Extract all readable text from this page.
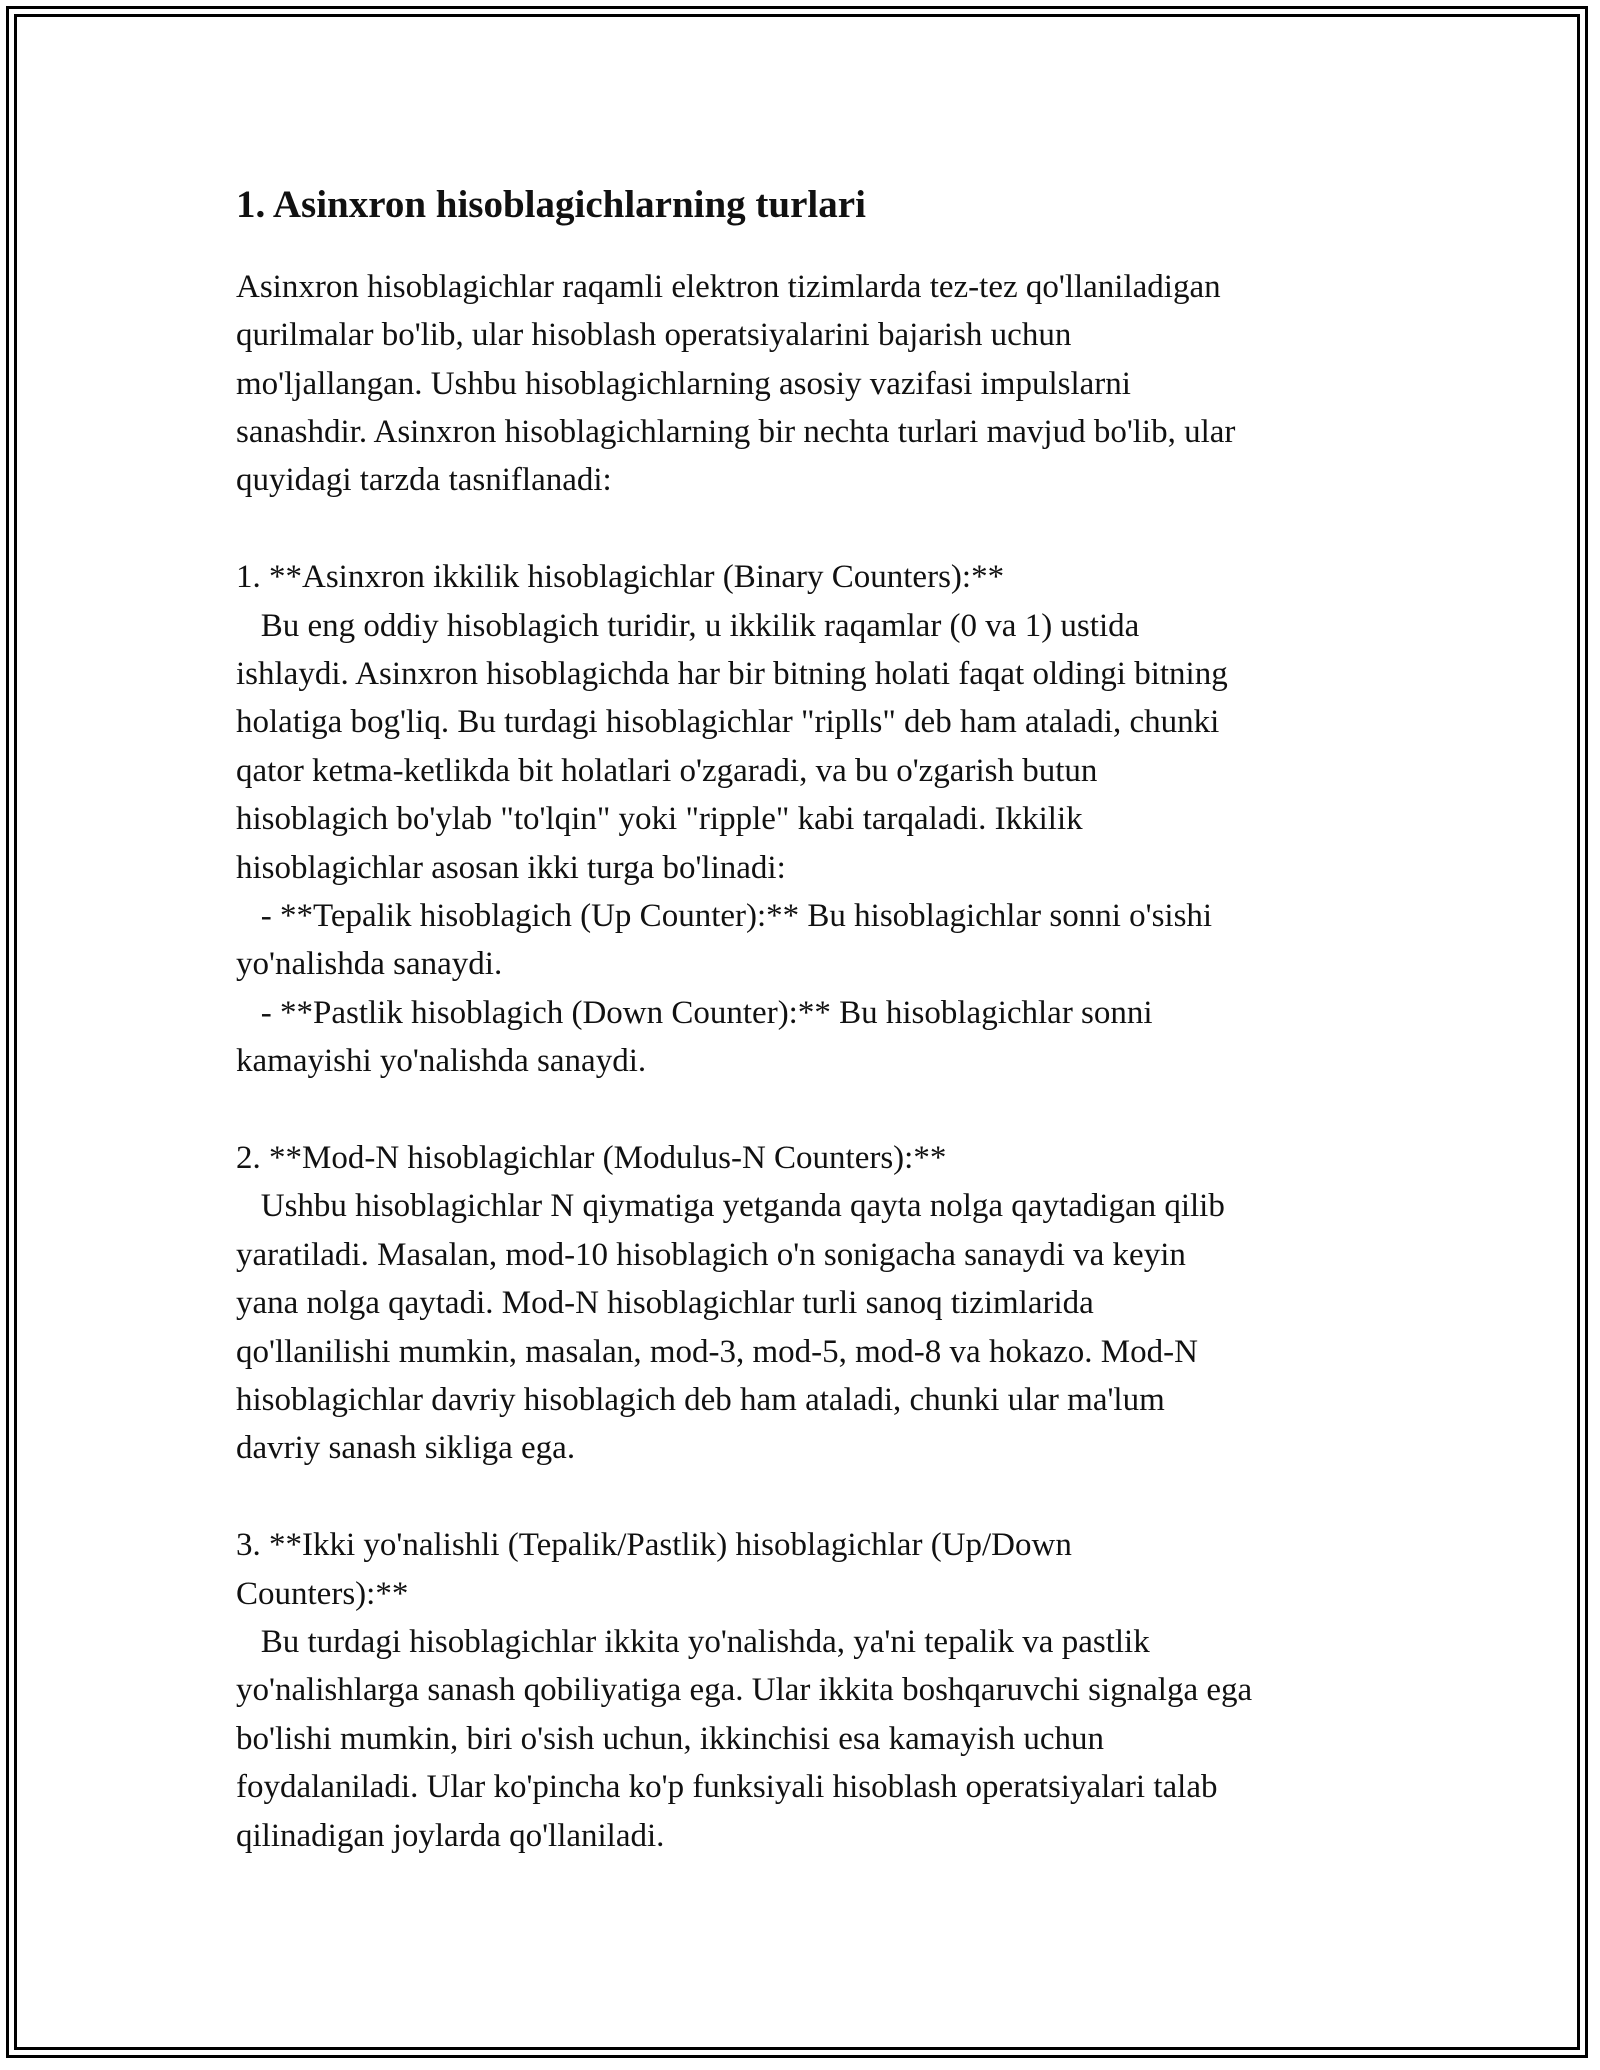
1. Asinxron hisoblagichlarning turlari

Asinxron hisoblagichlar raqamli elektron tizimlarda tez-tez qo'llaniladigan
qurilmalar bo'lib, ular hisoblash operatsiyalarini bajarish uchun
mo'ljallangan. Ushbu hisoblagichlarning asosiy vazifasi impulslarni
sanashdir. Asinxron hisoblagichlarning bir nechta turlari mavjud bo'lib, ular
quyidagi tarzda tasniflanadi:

1. **Asinxron ikkilik hisoblagichlar (Binary Counters):**

Bu eng oddiy hisoblagich turidir, u ikkilik raqamlar (0 va 1) ustida
ishlaydi. Asinxron hisoblagichda har bir bitning holati faqat oldingi bitning
holatiga bog'liq. Bu turdagi hisoblagichlar "riplls" deb ham ataladi, chunki
qator ketma-ketlikda bit holatlari o'zgaradi, va bu o'zgarish butun
hisoblagich bo'ylab "to'lqin" yoki "ripple" kabi tarqaladi. Ikkilik
hisoblagichlar asosan ikki turga bo'linadi:

- **Tepalik hisoblagich (Up Counter):** Bu hisoblagichlar sonni o'sishi
yo'nalishda sanaydi.

- **Pastlik hisoblagich (Down Counter):** Bu hisoblagichlar sonni
kamayishi yo'nalishda sanaydi.

2. **Mod-N hisoblagichlar (Modulus-N Counters):**

Ushbu hisoblagichlar N qiymatiga yetganda qayta nolga qaytadigan qilib
yaratiladi. Masalan, mod-10 hisoblagich o'n sonigacha sanaydi va keyin
yana nolga qaytadi. Mod-N hisoblagichlar turli sanoq tizimlarida
qo'llanilishi mumkin, masalan, mod-3, mod-5, mod-8 va hokazo. Mod-N
hisoblagichlar davriy hisoblagich deb ham ataladi, chunki ular ma'lum
davriy sanash sikliga ega.

3. **Ikki yo'nalishli (Tepalik/Pastlik) hisoblagichlar (Up/Down
Counters):**

Bu turdagi hisoblagichlar ikkita yo'nalishda, ya'ni tepalik va pastlik
yo'nalishlarga sanash qobiliyatiga ega. Ular ikkita boshqaruvchi signalga ega
bo'lishi mumkin, biri o'sish uchun, ikkinchisi esa kamayish uchun
foydalaniladi. Ular ko'pincha ko'p funksiyali hisoblash operatsiyalari talab
qilinadigan joylarda qo'llaniladi.
